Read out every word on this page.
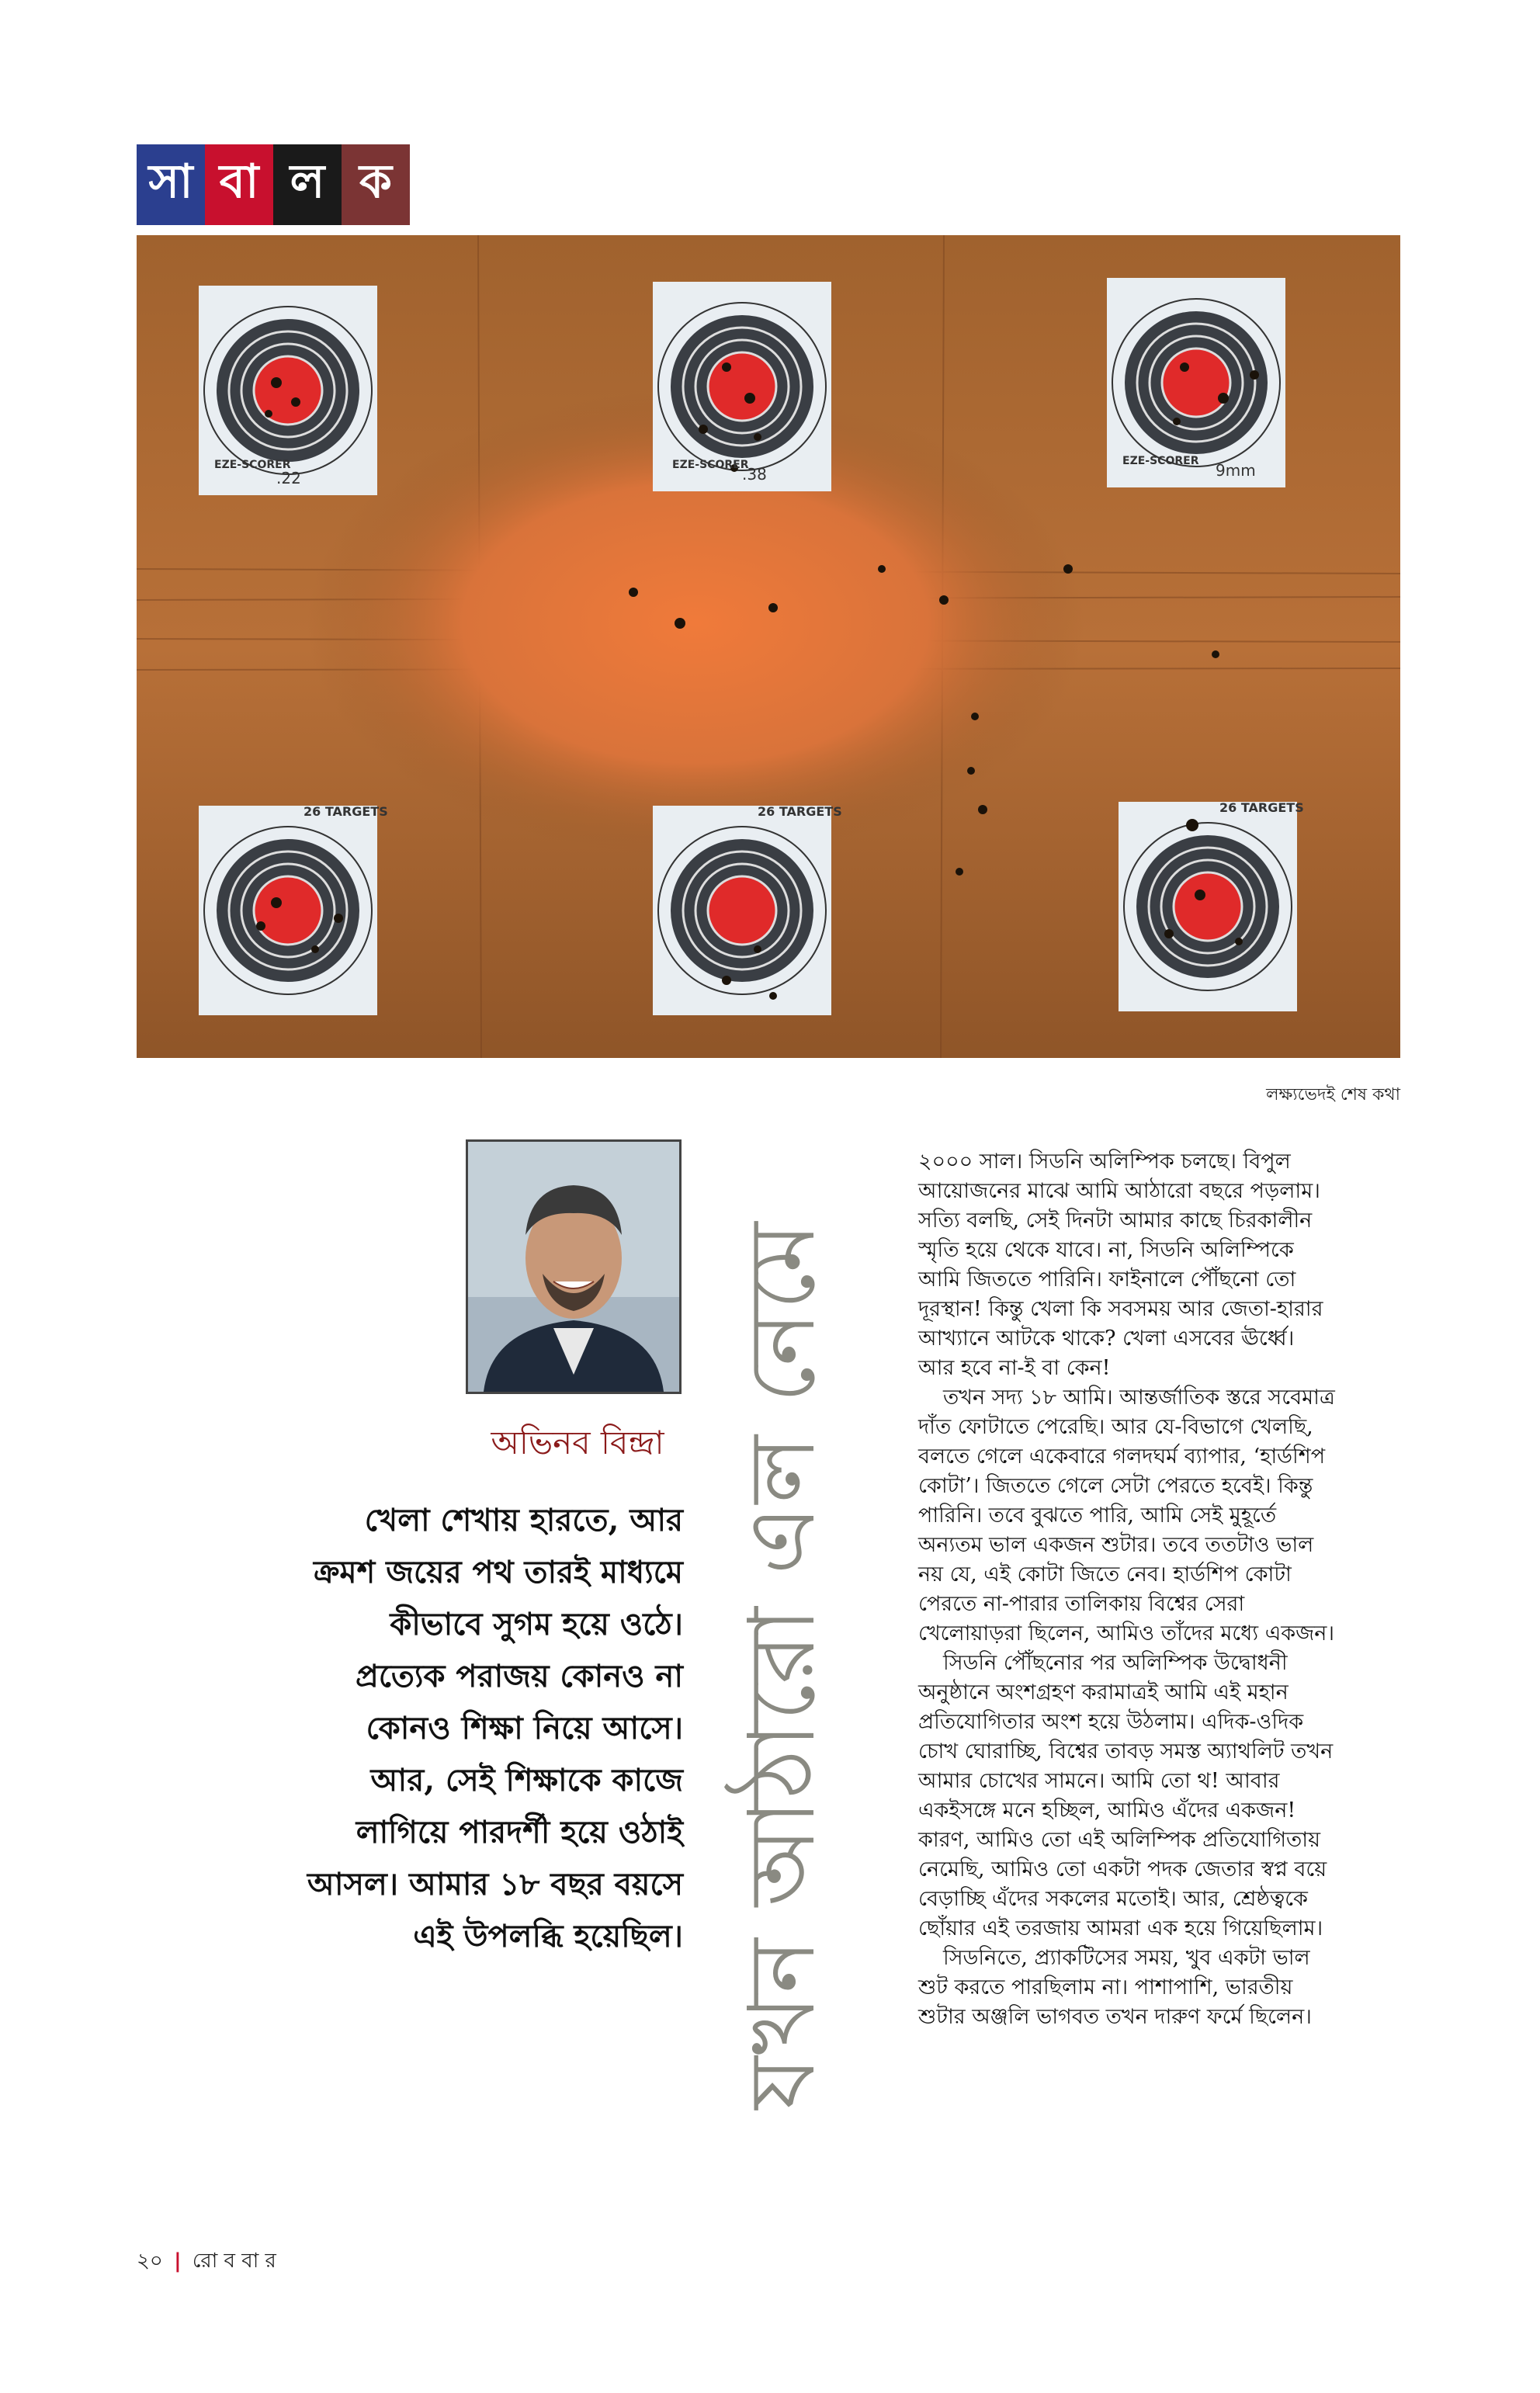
সা বা ল ক
.22	.38	9mm
EZE-SCORER	EZE-SCORER	EZE-SCORER
26 TARGETS	26 TARGETS	26 TARGETS
লক্ষ্যভেদই শেষ কথা
অভিনব বিন্দ্রা
খেলা শেখায় হারতে, আর
ক্রমশ জয়ের পথ তারই মাধ্যমে
কীভাবে সুগম হয়ে ওঠে।
প্রত্যেক পরাজয় কোনও না
কোনও শিক্ষা নিয়ে আসে।
আর, সেই শিক্ষাকে কাজে
লাগিয়ে পারদর্শী হয়ে ওঠাই
আসল। আমার ১৮ বছর বয়সে
এই উপলব্ধি হয়েছিল। যখন আঠারো এল নেমে
২০০০ সাল। সিডনি অলিম্পিক চলছে। বিপুল
আয়োজনের মাঝে আমি আঠারো বছরে পড়লাম।
সত্যি বলছি, সেই দিনটা আমার কাছে চিরকালীন
স্মৃতি হয়ে থেকে যাবে। না, সিডনি অলিম্পিকে
আমি জিততে পারিনি। ফাইনালে পৌঁছনো তো
দূরস্থান! কিন্তু খেলা কি সবসময় আর জেতা-হারার
আখ্যানে আটকে থাকে? খেলা এসবের ঊর্ধ্বে।
আর হবে না-ই বা কেন!
তখন সদ্য ১৮ আমি। আন্তর্জাতিক স্তরে সবেমাত্র
দাঁত ফোটাতে পেরেছি। আর যে-বিভাগে খেলছি,
বলতে গেলে একেবারে গলদঘর্ম ব্যাপার, ‘হার্ডশিপ
কোটা’। জিততে গেলে সেটা পেরতে হবেই। কিন্তু
পারিনি। তবে বুঝতে পারি, আমি সেই মুহূর্তে
অন্যতম ভাল একজন শুটার। তবে ততটাও ভাল
নয় যে, এই কোটা জিতে নেব। হার্ডশিপ কোটা
পেরতে না-পারার তালিকায় বিশ্বের সেরা
খেলোয়াড়রা ছিলেন, আমিও তাঁদের মধ্যে একজন।
সিডনি পৌঁছনোর পর অলিম্পিক উদ্বোধনী
অনুষ্ঠানে অংশগ্রহণ করামাত্রই আমি এই মহান
প্রতিযোগিতার অংশ হয়ে উঠলাম। এদিক-ওদিক
চোখ ঘোরাচ্ছি, বিশ্বের তাবড় সমস্ত অ্যাথলিট তখন
আমার চোখের সামনে। আমি তো থ! আবার
একইসঙ্গে মনে হচ্ছিল, আমিও এঁদের একজন!
কারণ, আমিও তো এই অলিম্পিক প্রতিযোগিতায়
নেমেছি, আমিও তো একটা পদক জেতার স্বপ্ন বয়ে
বেড়াচ্ছি এঁদের সকলের মতোই। আর, শ্রেষ্ঠত্বকে
ছোঁয়ার এই তরজায় আমরা এক হয়ে গিয়েছিলাম।
সিডনিতে, প্র্যাকটিসের সময়, খুব একটা ভাল
শুট করতে পারছিলাম না। পাশাপাশি, ভারতীয়
শুটার অঞ্জলি ভাগবত তখন দারুণ ফর্মে ছিলেন।
২০ | রো ব বা র
